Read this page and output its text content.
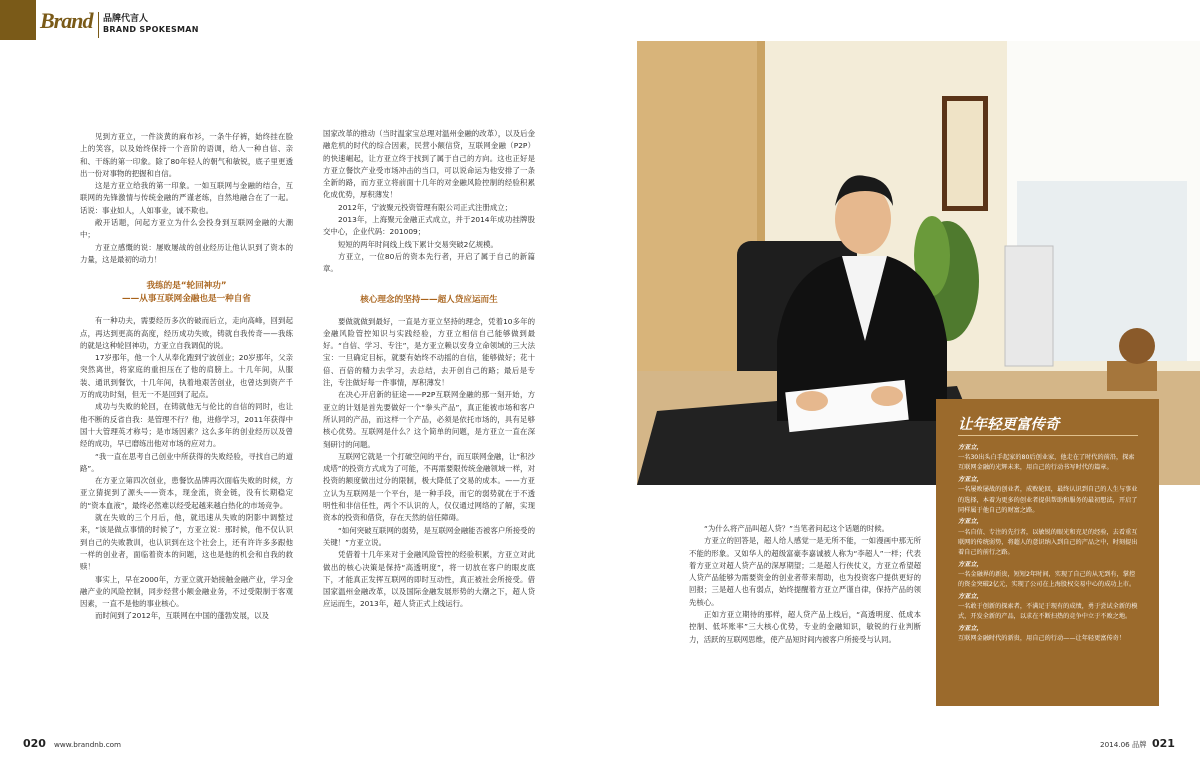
Brand 品牌代言人
BRAND SPOKESMAN

见到方亚立，一件淡黄的麻布衫，一条牛仔裤，始终挂在脸上的笑容，以及始终保持一个音阶的语调，给人一种自信、亲和、干练的第一印象。除了80年轻人的朝气和敏锐，底子里更透出一份对事物的把握和自信。

这是方亚立给我的第一印象。一如互联网与金融的结合，互联网的先锋激情与传统金融的严谨老练，自然地融合在了一起。话说：事业如人，人如事业，诚不欺也。

敞开话题，问起方亚立为什么会投身到互联网金融的大潮中；

方亚立感慨的说：屡败屡战的创业经历让他认识到了资本的力量，这是最初的动力！

我练的是“轮回神功”
——从事互联网金融也是一种自省

有一种功夫，需要经历多次的破而后立，走向高峰，回到起点，再达到更高的高度，经历成功失败，铸就自我传奇——我练的就是这种轮回神功，方亚立自我调侃的说。

17岁那年，他一个人从奉化跑到宁波创业；20岁那年，父亲突然离世，将家庭的重担压在了他的肩膀上。十几年间，从服装、通讯到餐饮，十几年间，执着地艰苦创业，也曾达到资产千万的成功时刻，但无一不是回到了起点。

成功与失败的轮回，在铸就他无与伦比的自信的同时，也让他不断的反省自我：是管理不行？他，进修学习，2011年获得中国十大管理英才称号；是市场因素？这么多年的创业经历以及曾经的成功，早已磨练出他对市场的应对力。

“我一直在思考自己创业中所获得的失败经验，寻找自己的道路”。

在方亚立第四次创业，患餐饮品牌再次面临失败的时候，方亚立猜捉到了源头——资本，现金流，资金链，没有长期稳定的“资本血液”，最终必然难以经受起越来越白热化的市场竞争。

就在失败的三个月后，他，就迅速从失败的阴影中调整过来，“该是做点事情的时候了”，方亚立说：那时候，他不仅认识到自己的失败教训，也认识到在这个社会上，还有许许多多跟他一样的创业者，面临着资本的问题，这也是他的机会和自我的救赎！

事实上，早在2000年，方亚立就开始接触金融产业，学习金融产业的风险控制，同步经营小额金融业务，不过受限制于客观因素，一直不是他的事业核心。

而时间到了2012年，互联网在中国的蓬勃发展，以及

国家改革的推动（当时温家宝总理对温州金融的改革），以及后金融危机的时代的综合因素，民营小额信贷，互联网金融（P2P）的快速崛起，让方亚立终于找到了属于自己的方向。这也正好是方亚立餐饮产业受市场冲击的当口，可以说命运为他安排了一条全新的路，而方亚立将前面十几年的对金融风险控制的经验积累化成优势，厚积薄发！

2012年，宁波聚元投资管理有限公司正式注册成立；

2013年，上海聚元金融正式成立，并于2014年成功挂牌股交中心，企业代码：201009；

短短的两年时间线上线下累计交易突破2亿规模。

方亚立，一位80后的资本先行者，开启了属于自己的新篇章。

核心理念的坚持——超人贷应运而生

要做就做到最好，一直是方亚立坚持的理念，凭着10多年的金融风险管控知识与实践经验，方亚立相信自己能够做到最好。“自信、学习、专注”，是方亚立赖以安身立命领域的三大法宝：一旦确定目标，就要有始终不动摇的自信，能够做好；花十倍、百倍的精力去学习，去总结，去开创自己的路；最后是专注，专注做好每一件事情，厚积薄发！

在决心开启新的征途——P2P互联网金融的那一刻开始，方亚立的计划是首先要做好一个“拳头产品”，真正能被市场和客户所认同的产品，而这样一个产品，必须是依托市场的，具有足够核心优势。互联网是什么？这个简单的问题，是方亚立一直在深刻研讨的问题。

互联网它就是一个打破空间的平台，而互联网金融，让“积沙成塔”的投资方式成为了可能，不再需要限传统金融领域一样，对投资的额度做出过分的限制，极大降低了交易的成本。——方亚立认为互联网是一个平台，是一种手段，而它的弱势就在于不透明性和非信任性，两个不认识的人，仅仅通过网络的了解，实现资本的投资和借贷，存在天然的信任障碍。

“如何突破互联网的弱势，是互联网金融能否被客户所接受的关键！”方亚立说。

凭借着十几年来对于金融风险管控的经验积累，方亚立对此做出的核心决策是保持“高透明度”，将一切放在客户的眼皮底下，才能真正发挥互联网的即时互动性，真正被社会所接受。借国家温州金融改革，以及国际金融发展形势的大潮之下，超人贷应运而生，2013年，超人贷正式上线运行。

“为什么将产品叫超人贷？”当笔者问起这个话题的时候。

方亚立的回答是，超人给人感觉一是无所不能，一如漫画中那无所不能的形象。又如华人的超级富豪李嘉诚被人称为“李超人”一样；代表着方亚立对超人贷产品的深厚期望；二是超人行侠仗义，方亚立希望超人贷产品能够为需要资金的创业者带来帮助，也为投资客户提供更好的回报；三是超人也有弱点，始终提醒着方亚立严谨自律，保持产品的领先核心。

正如方亚立期待的那样，超人贷产品上线后，“高透明度、低成本控制、低坏账率”三大核心优势，专业的金融知识，敏锐的行业判断力，活跃的互联网思维，使产品短时间内被客户所接受与认同。

让年轻更富传奇
方亚立，
一名30出头白手起家的80后创业家，他走在了时代的前沿，探索互联网金融的光辉未来，用自己的行动书写时代的篇章。
方亚立，
一名屡败屡战的创业者，成败轮回，最终认识到自己的人生与事业的选择，本着为更多的创业者提供帮助和服务的最初想法，开启了同样属于他自己的财富之路。
方亚立，
一名自信、专注的先行者，以敏锐的眼光和充足的经验，去看重互联网的传统弱势，将超人的意识纳入到自己的产品之中，时刻提出着自己的前行之路。
方亚立，
一名金融界的新贵，短短2年时间，实现了自己的从无到有，掌控的资金突破2亿元，实现了公司在上海股权交易中心的成功上市。
方亚立，
一名敢于创新的探索者，不满足于现有的成绩，勇于尝试全新的模式，开发全新的产品，以求在不断扫热的竞争中立于不败之地。
方亚立，
互联网金融时代的新贵，用自己的行动——让年轻更富传奇！
020 www.brandnb.com	2014.06 品牌 021
